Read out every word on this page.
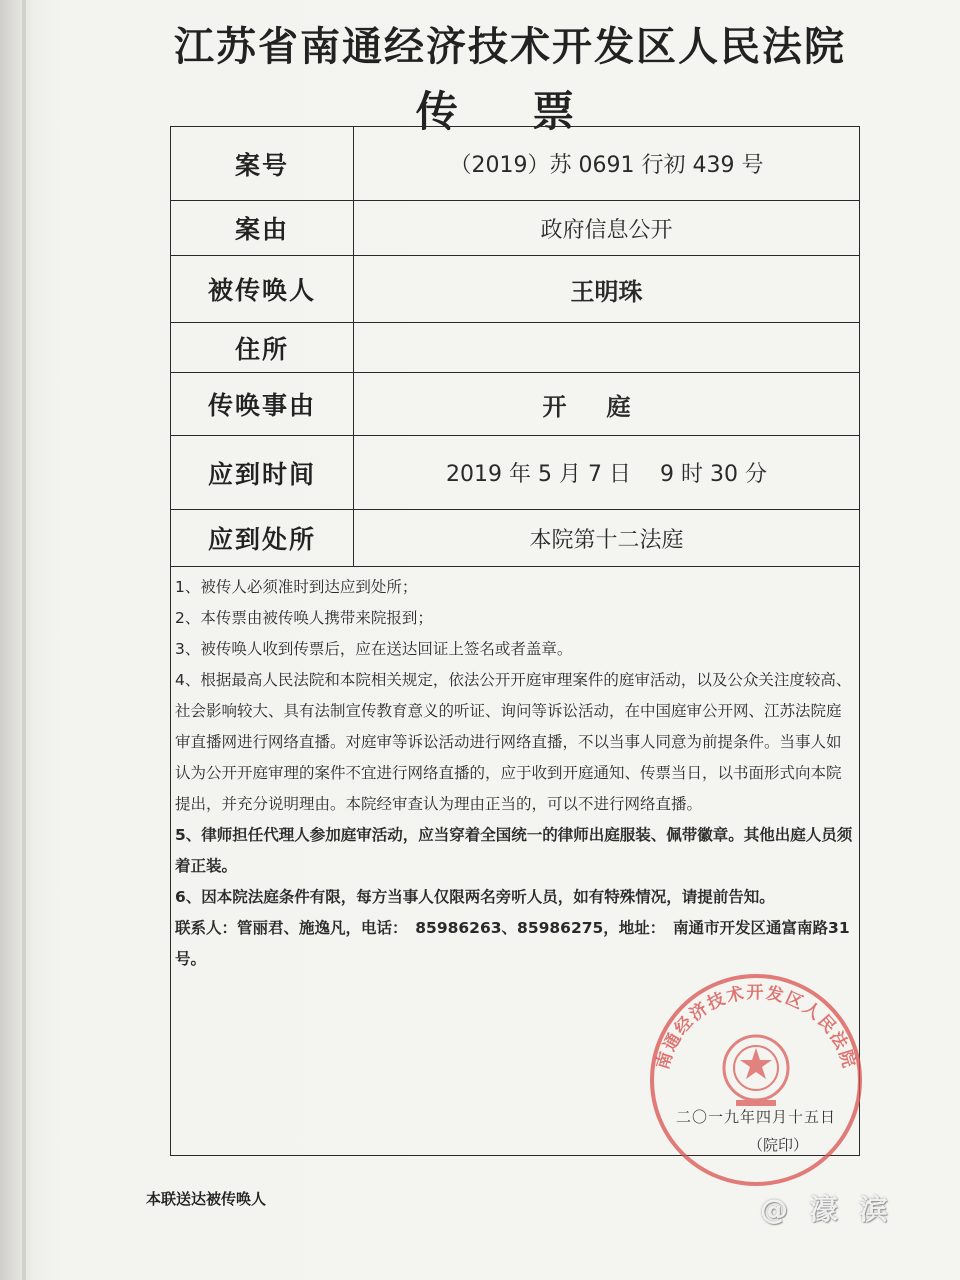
江苏省南通经济技术开发区人民法院
传 票
案号	（2019）苏 0691 行初 439 号
案由	政府信息公开
被传唤人	王明珠
住所	
传唤事由	开庭
应到时间	2019 年 5 月 7 日　 9 时 30 分
应到处所	本院第十二法庭

1、被传人必须准时到达应到处所；

2、本传票由被传唤人携带来院报到；

3、被传唤人收到传票后，应在送达回证上签名或者盖章。

4、根据最高人民法院和本院相关规定，依法公开开庭审理案件的庭审活动，以及公众关注度较高、社会影响较大、具有法制宣传教育意义的听证、询问等诉讼活动，在中国庭审公开网、江苏法院庭审直播网进行网络直播。对庭审等诉讼活动进行网络直播，不以当事人同意为前提条件。当事人如认为公开开庭审理的案件不宜进行网络直播的，应于收到开庭通知、传票当日，以书面形式向本院提出，并充分说明理由。本院经审查认为理由正当的，可以不进行网络直播。

5、律师担任代理人参加庭审活动，应当穿着全国统一的律师出庭服装、佩带徽章。其他出庭人员须着正装。

6、因本院法庭条件有限，每方当事人仅限两名旁听人员，如有特殊情况，请提前告知。

联系人：管丽君、施逸凡，电话：　85986263、85986275，地址：　南通市开发区通富南路31号。

南通经济技术开发区人民法院
二〇一九年四月十五日
（院印）
本联送达被传唤人	@ 濠 滨
